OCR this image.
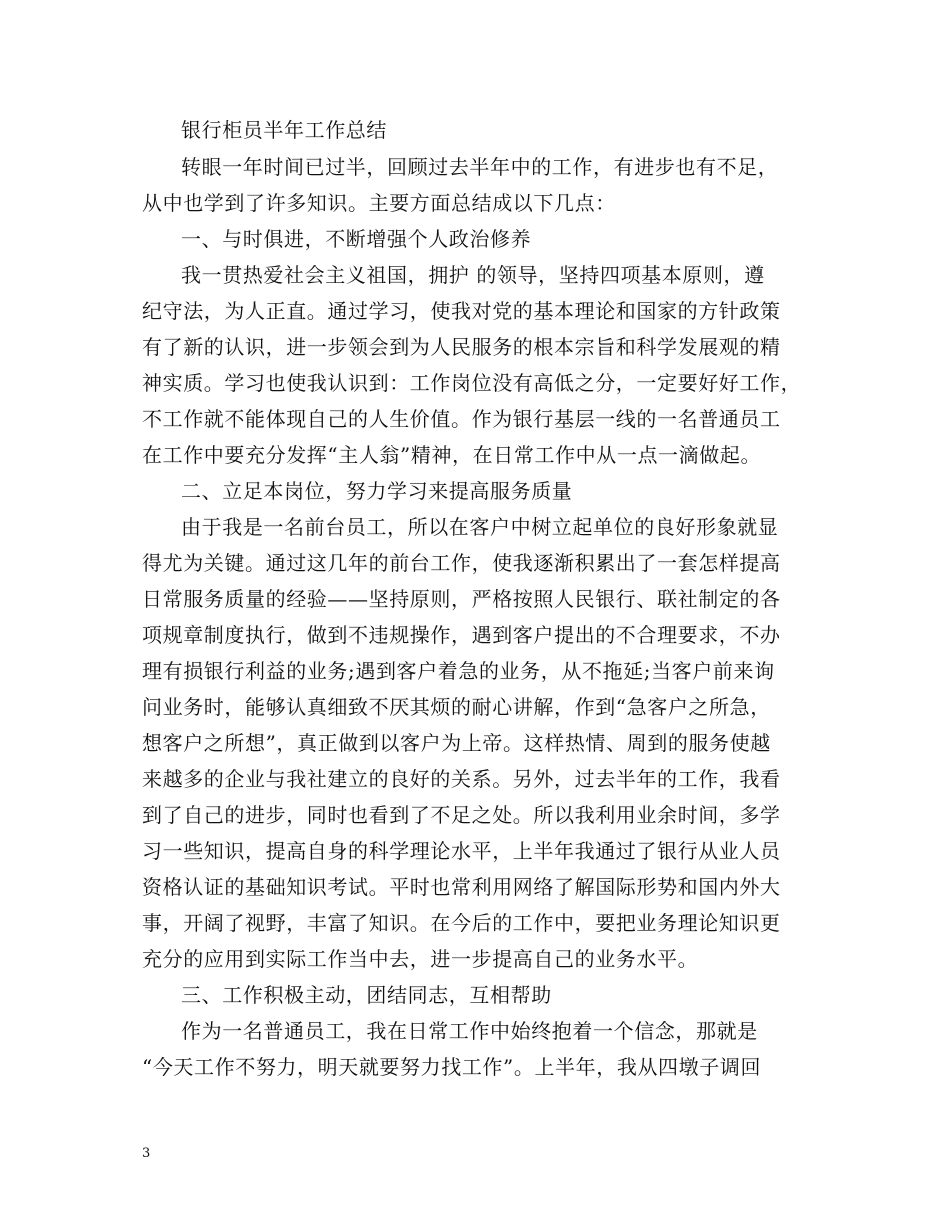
银行柜员半年工作总结
转眼一年时间已过半，回顾过去半年中的工作，有进步也有不足，
从中也学到了许多知识。主要方面总结成以下几点：
一、与时俱进，不断增强个人政治修养
我一贯热爱社会主义祖国，拥护 的领导，坚持四项基本原则，遵
纪守法，为人正直。通过学习，使我对党的基本理论和国家的方针政策
有了新的认识，进一步领会到为人民服务的根本宗旨和科学发展观的精
神实质。学习也使我认识到：工作岗位没有高低之分，一定要好好工作，
不工作就不能体现自己的人生价值。作为银行基层一线的一名普通员工
在工作中要充分发挥“主人翁”精神，在日常工作中从一点一滴做起。
二、立足本岗位，努力学习来提高服务质量
由于我是一名前台员工，所以在客户中树立起单位的良好形象就显
得尤为关键。通过这几年的前台工作，使我逐渐积累出了一套怎样提高
日常服务质量的经验——坚持原则，严格按照人民银行、联社制定的各
项规章制度执行，做到不违规操作，遇到客户提出的不合理要求，不办
理有损银行利益的业务;遇到客户着急的业务，从不拖延;当客户前来询
问业务时，能够认真细致不厌其烦的耐心讲解，作到“急客户之所急，
想客户之所想”，真正做到以客户为上帝。这样热情、周到的服务使越
来越多的企业与我社建立的良好的关系。另外，过去半年的工作，我看
到了自己的进步，同时也看到了不足之处。所以我利用业余时间，多学
习一些知识，提高自身的科学理论水平，上半年我通过了银行从业人员
资格认证的基础知识考试。平时也常利用网络了解国际形势和国内外大
事，开阔了视野，丰富了知识。在今后的工作中，要把业务理论知识更
充分的应用到实际工作当中去，进一步提高自己的业务水平。
三、工作积极主动，团结同志，互相帮助
作为一名普通员工，我在日常工作中始终抱着一个信念，那就是
“今天工作不努力，明天就要努力找工作”。上半年，我从四墩子调回
3
